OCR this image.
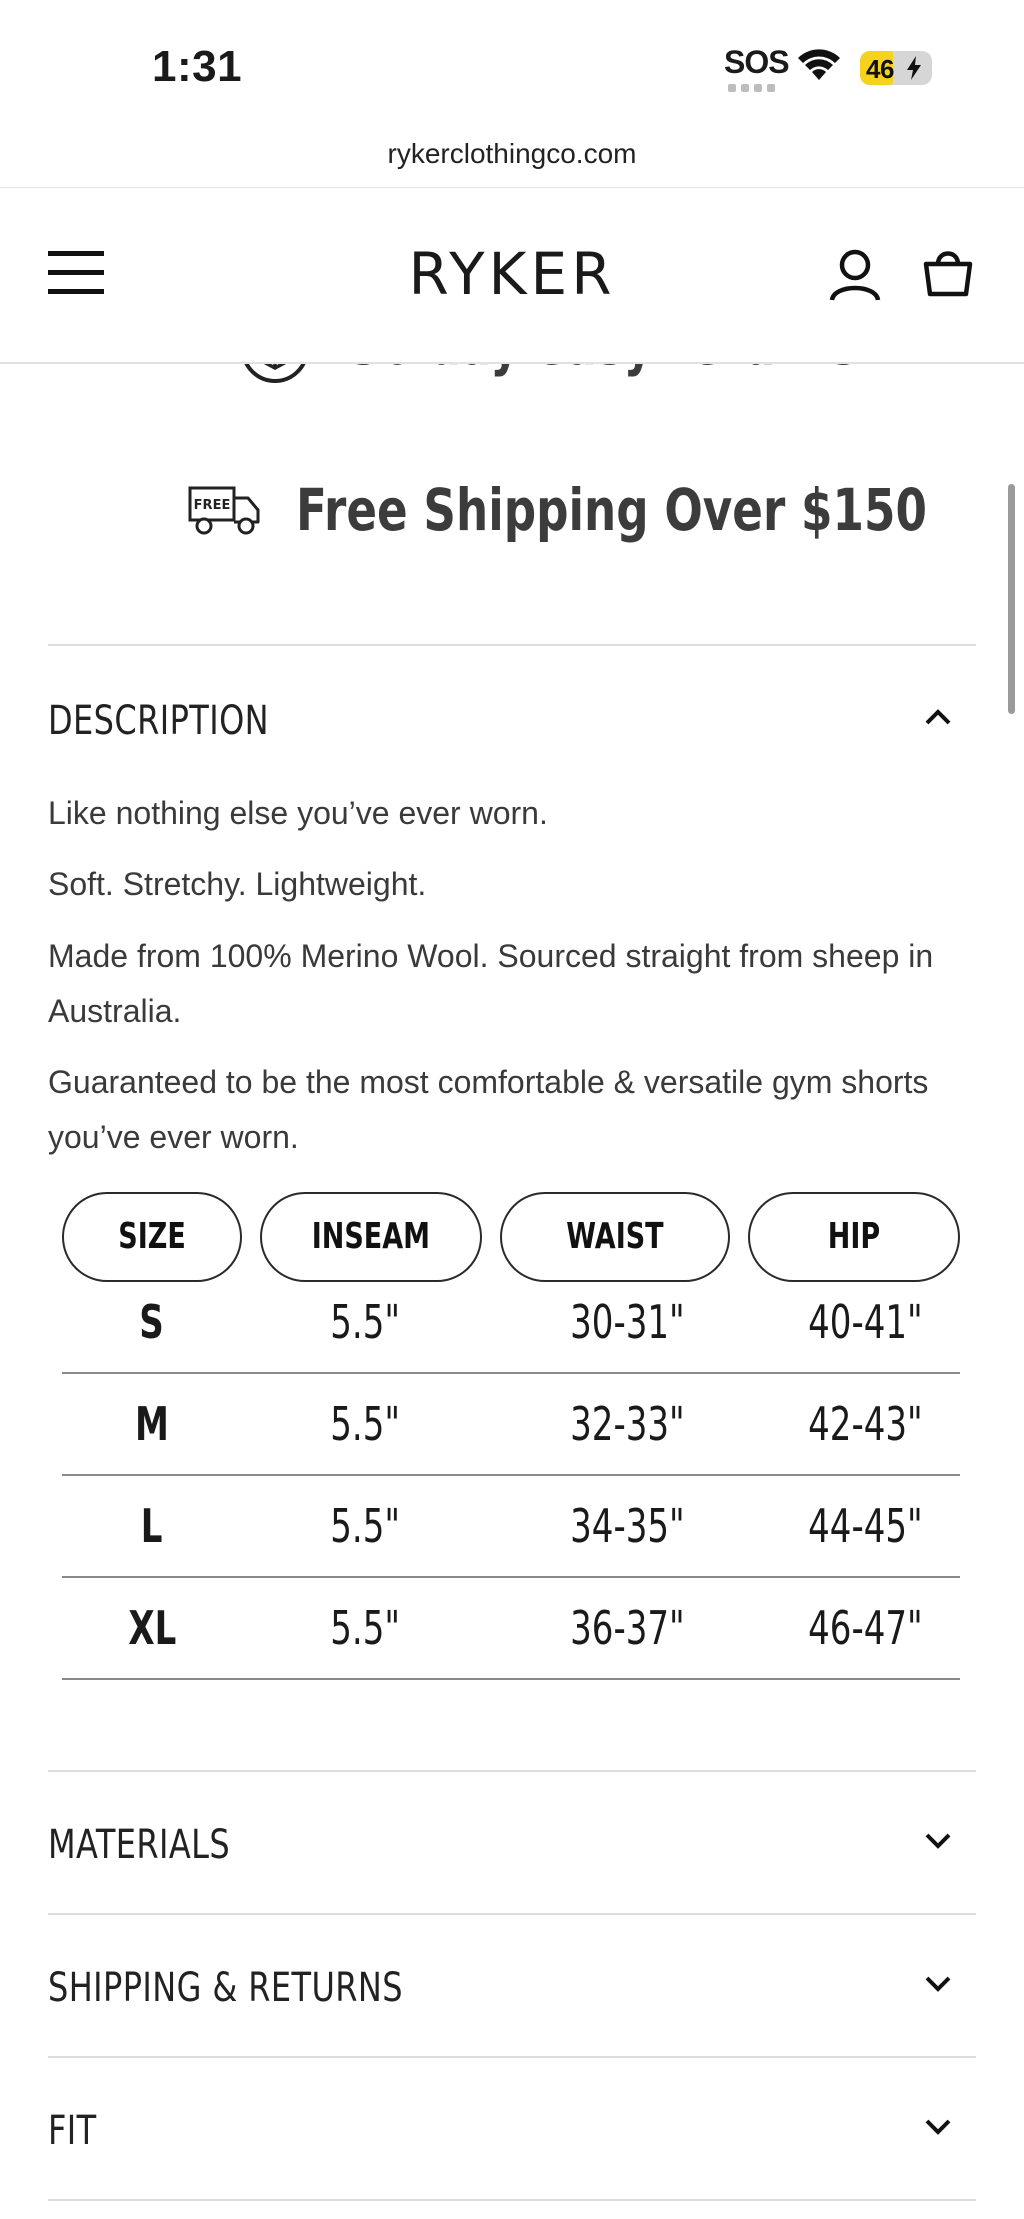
1:31	SOS	46
rykerclothingco.com
RYKER
FREE Free Shipping Over $150
DESCRIPTION
Like nothing else you’ve ever worn.
Soft. Stretchy. Lightweight.
Made from 100% Merino Wool. Sourced straight from sheep in Australia.
Guaranteed to be the most comfortable & versatile gym shorts you’ve ever worn.
SIZE	INSEAM	WAIST	HIP
S	5.5"	30-31"	40-41"
M	5.5"	32-33"	42-43"
L	5.5"	34-35"	44-45"
XL	5.5"	36-37"	46-47"
MATERIALS
SHIPPING & RETURNS
FIT
